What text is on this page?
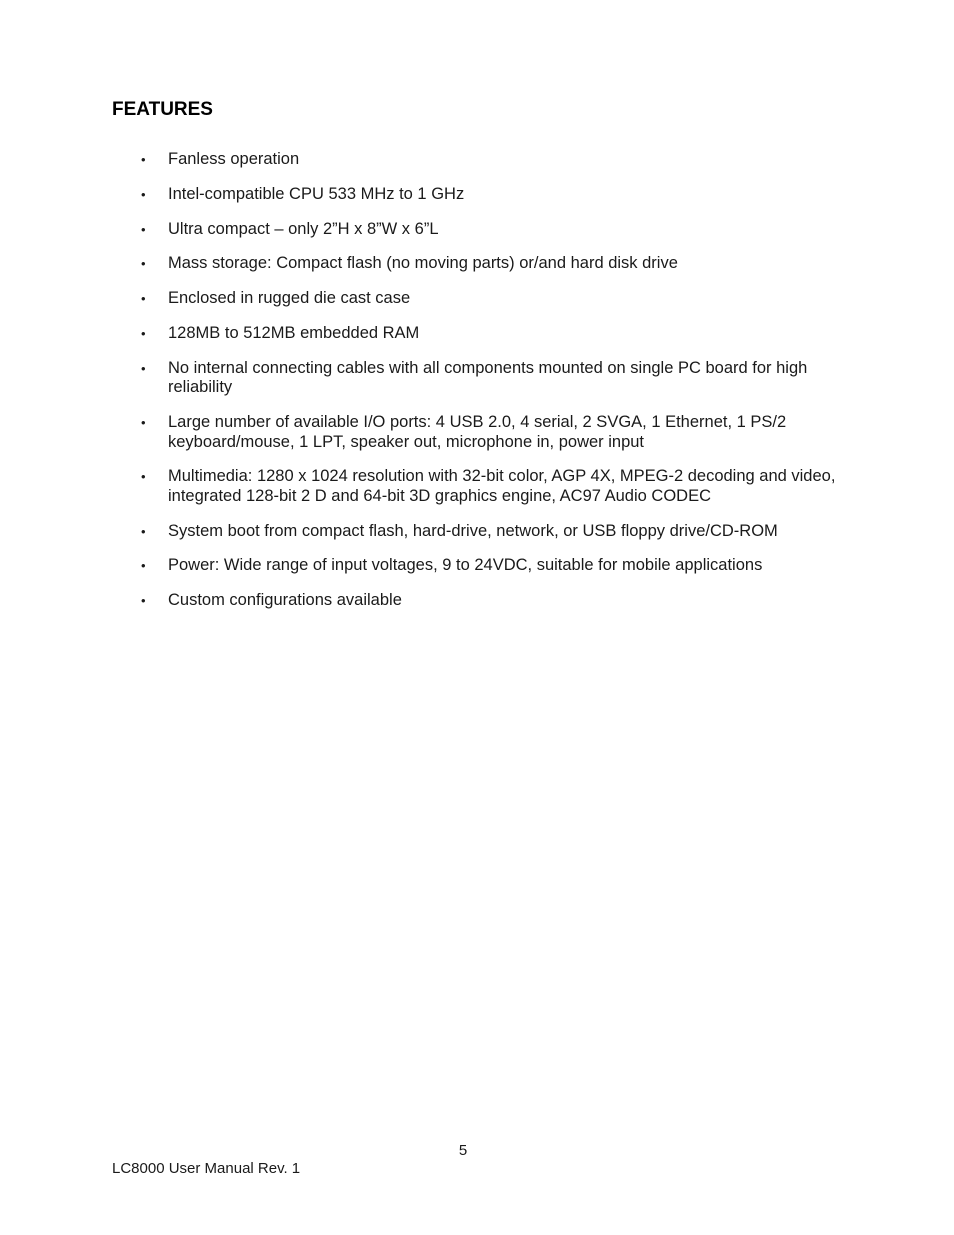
FEATURES
• Fanless operation
• Intel-compatible CPU 533 MHz to 1 GHz
• Ultra compact – only 2”H x 8”W x 6”L
• Mass storage: Compact flash (no moving parts) or/and hard disk drive
• Enclosed in rugged die cast case
• 128MB to 512MB embedded RAM
• No internal connecting cables with all components mounted on single PC board for high reliability
• Large number of available I/O ports: 4 USB 2.0, 4 serial, 2 SVGA, 1 Ethernet, 1 PS/2 keyboard/mouse, 1 LPT, speaker out, microphone in, power input
• Multimedia: 1280 x 1024 resolution with 32-bit color, AGP 4X, MPEG-2 decoding and video, integrated 128-bit 2 D and 64-bit 3D graphics engine, AC97 Audio CODEC
• System boot from compact flash, hard-drive, network, or USB floppy drive/CD-ROM
• Power: Wide range of input voltages, 9 to 24VDC, suitable for mobile applications
• Custom configurations available
5
LC8000 User Manual Rev. 1
